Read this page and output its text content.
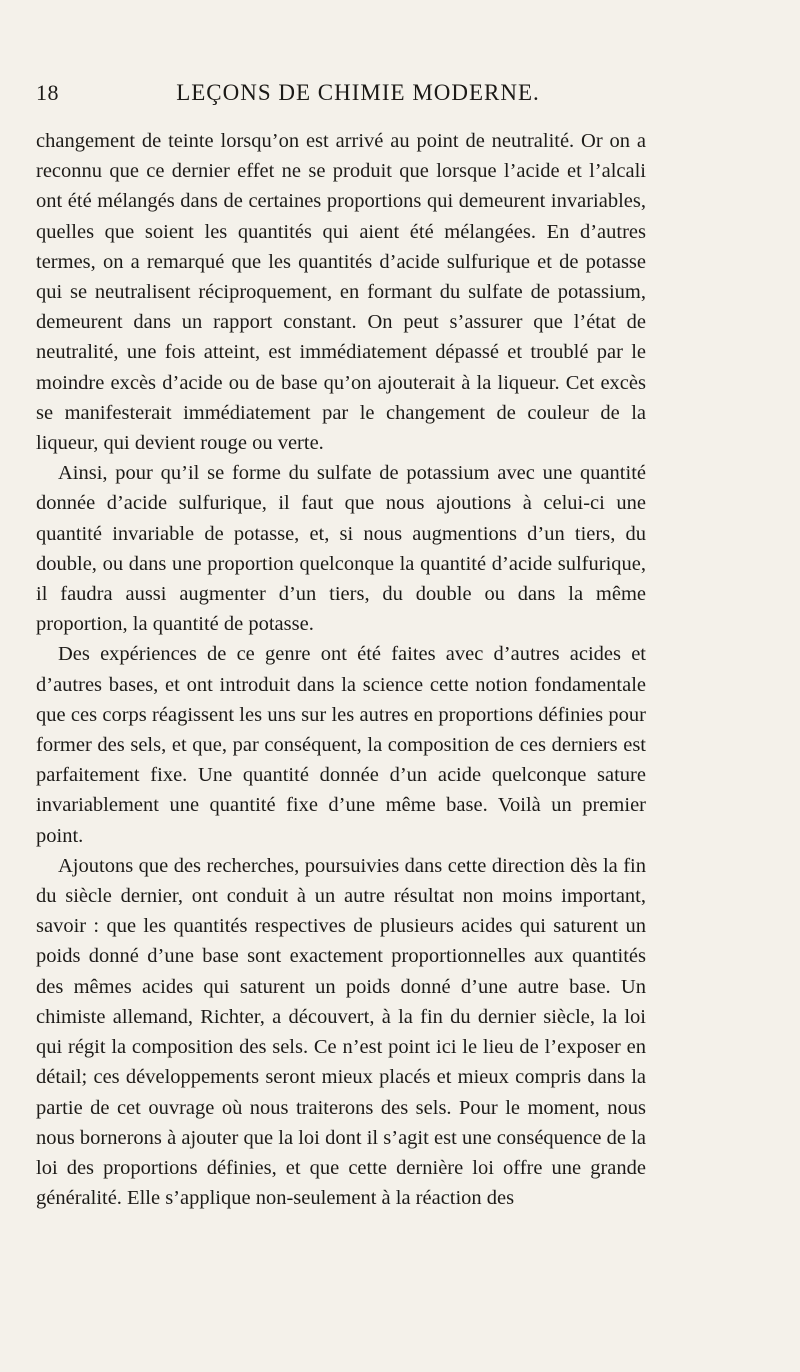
18	LEÇONS DE CHIMIE MODERNE.

changement de teinte lorsqu’on est arrivé au point de neutralité. Or on a reconnu que ce dernier effet ne se produit que lorsque l’acide et l’alcali ont été mélangés dans de certaines proportions qui demeurent invariables, quelles que soient les quantités qui aient été mélangées. En d’autres termes, on a remarqué que les quantités d’acide sulfurique et de potasse qui se neutralisent réciproquement, en formant du sulfate de potassium, demeurent dans un rapport constant. On peut s’assurer que l’état de neutralité, une fois atteint, est immédiatement dépassé et troublé par le moindre excès d’acide ou de base qu’on ajouterait à la liqueur. Cet excès se manifesterait immédiatement par le changement de couleur de la liqueur, qui devient rouge ou verte.

Ainsi, pour qu’il se forme du sulfate de potassium avec une quantité donnée d’acide sulfurique, il faut que nous ajoutions à celui-ci une quantité invariable de potasse, et, si nous augmentions d’un tiers, du double, ou dans une proportion quelconque la quantité d’acide sulfurique, il faudra aussi augmenter d’un tiers, du double ou dans la même proportion, la quantité de potasse.

Des expériences de ce genre ont été faites avec d’autres acides et d’autres bases, et ont introduit dans la science cette notion fondamentale que ces corps réagissent les uns sur les autres en proportions définies pour former des sels, et que, par conséquent, la composition de ces derniers est parfaitement fixe. Une quantité donnée d’un acide quelconque sature invariablement une quantité fixe d’une même base. Voilà un premier point.

Ajoutons que des recherches, poursuivies dans cette direction dès la fin du siècle dernier, ont conduit à un autre résultat non moins important, savoir : que les quantités respectives de plusieurs acides qui saturent un poids donné d’une base sont exactement proportionnelles aux quantités des mêmes acides qui saturent un poids donné d’une autre base. Un chimiste allemand, Richter, a découvert, à la fin du dernier siècle, la loi qui régit la composition des sels. Ce n’est point ici le lieu de l’exposer en détail; ces développements seront mieux placés et mieux compris dans la partie de cet ouvrage où nous traiterons des sels. Pour le moment, nous nous bornerons à ajouter que la loi dont il s’agit est une conséquence de la loi des proportions définies, et que cette dernière loi offre une grande généralité. Elle s’applique non-seulement à la réaction des
